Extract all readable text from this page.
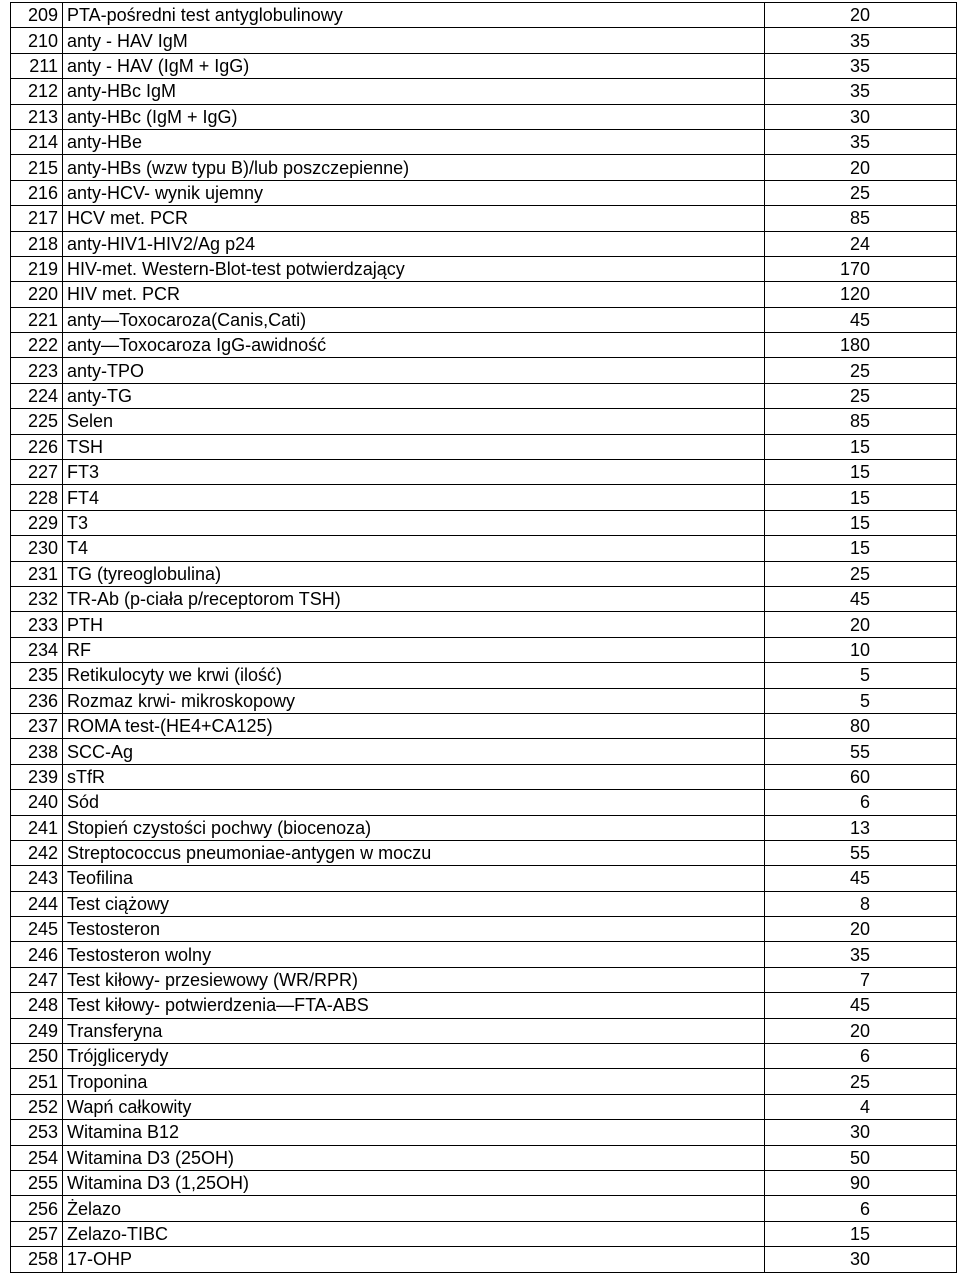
209	PTA-pośredni test antyglobulinowy	20
210	anty - HAV IgM	35
211	anty - HAV (IgM + IgG)	35
212	anty-HBc IgM	35
213	anty-HBc (IgM + IgG)	30
214	anty-HBe	35
215	anty-HBs (wzw typu B)/lub poszczepienne)	20
216	anty-HCV- wynik ujemny	25
217	HCV met. PCR	85
218	anty-HIV1-HIV2/Ag p24	24
219	HIV-met. Western-Blot-test potwierdzający	170
220	HIV met. PCR	120
221	anty—Toxocaroza(Canis,Cati)	45
222	anty—Toxocaroza IgG-awidność	180
223	anty-TPO	25
224	anty-TG	25
225	Selen	85
226	TSH	15
227	FT3	15
228	FT4	15
229	T3	15
230	T4	15
231	TG (tyreoglobulina)	25
232	TR-Ab (p-ciała p/receptorom TSH)	45
233	PTH	20
234	RF	10
235	Retikulocyty we krwi (ilość)	5
236	Rozmaz krwi- mikroskopowy	5
237	ROMA test-(HE4+CA125)	80
238	SCC-Ag	55
239	sTfR	60
240	Sód	6
241	Stopień czystości pochwy (biocenoza)	13
242	Streptococcus pneumoniae-antygen w moczu	55
243	Teofilina	45
244	Test ciążowy	8
245	Testosteron	20
246	Testosteron wolny	35
247	Test kiłowy- przesiewowy (WR/RPR)	7
248	Test kiłowy- potwierdzenia—FTA-ABS	45
249	Transferyna	20
250	Trójglicerydy	6
251	Troponina	25
252	Wapń całkowity	4
253	Witamina B12	30
254	Witamina D3 (25OH)	50
255	Witamina D3 (1,25OH)	90
256	Żelazo	6
257	Zelazo-TIBC	15
258	17-OHP	30
